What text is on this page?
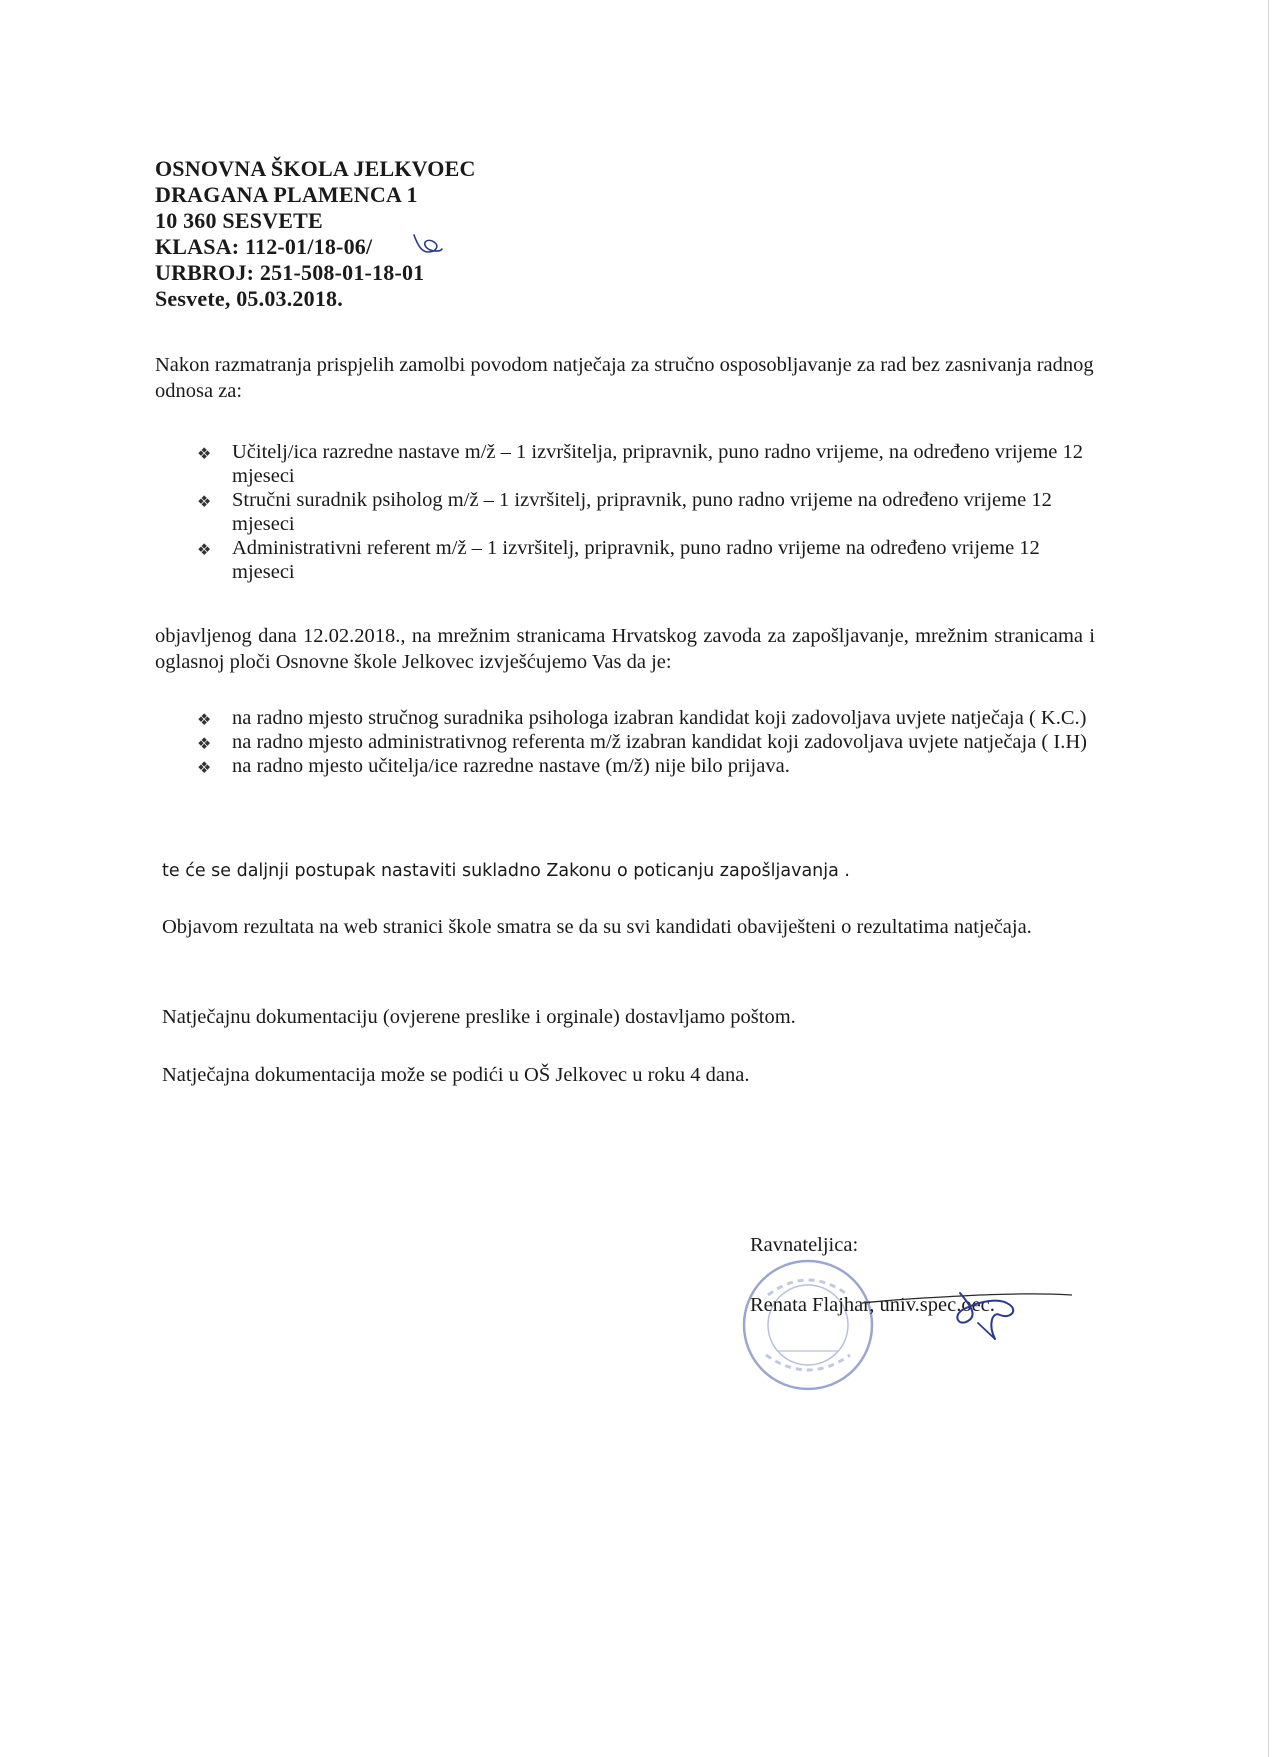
OSNOVNA ŠKOLA JELKVOEC
DRAGANA PLAMENCA 1
10 360 SESVETE
KLASA: 112-01/18-06/
URBROJ: 251-508-01-18-01
Sesvete, 05.03.2018.
Nakon razmatranja prispjelih zamolbi povodom natječaja za stručno osposobljavanje za rad bez zasnivanja radnog odnosa za:
❖ Učitelj/ica razredne nastave m/ž – 1 izvršitelja, pripravnik, puno radno vrijeme, na određeno vrijeme 12 mjeseci
❖ Stručni suradnik psiholog m/ž – 1 izvršitelj, pripravnik, puno radno vrijeme na određeno vrijeme 12 mjeseci
❖ Administrativni referent m/ž – 1 izvršitelj, pripravnik, puno radno vrijeme na određeno vrijeme 12 mjeseci
objavljenog dana 12.02.2018., na mrežnim stranicama Hrvatskog zavoda za zapošljavanje, mrežnim stranicama i oglasnoj ploči Osnovne škole Jelkovec izvješćujemo Vas da je:
❖ na radno mjesto stručnog suradnika psihologa izabran kandidat koji zadovoljava uvjete natječaja ( K.C.)
❖ na radno mjesto administrativnog referenta m/ž izabran kandidat koji zadovoljava uvjete natječaja ( I.H)
❖ na radno mjesto učitelja/ice razredne nastave (m/ž) nije bilo prijava.
te će se daljnji postupak nastaviti sukladno Zakonu o poticanju zapošljavanja .
Objavom rezultata na web stranici škole smatra se da su svi kandidati obaviješteni o rezultatima natječaja.
Natječajnu dokumentaciju (ovjerene preslike i orginale) dostavljamo poštom.
Natječajna dokumentacija može se podići u OŠ Jelkovec u roku 4 dana.
Ravnateljica:
Renata Flajhar, univ.spec.oec.
